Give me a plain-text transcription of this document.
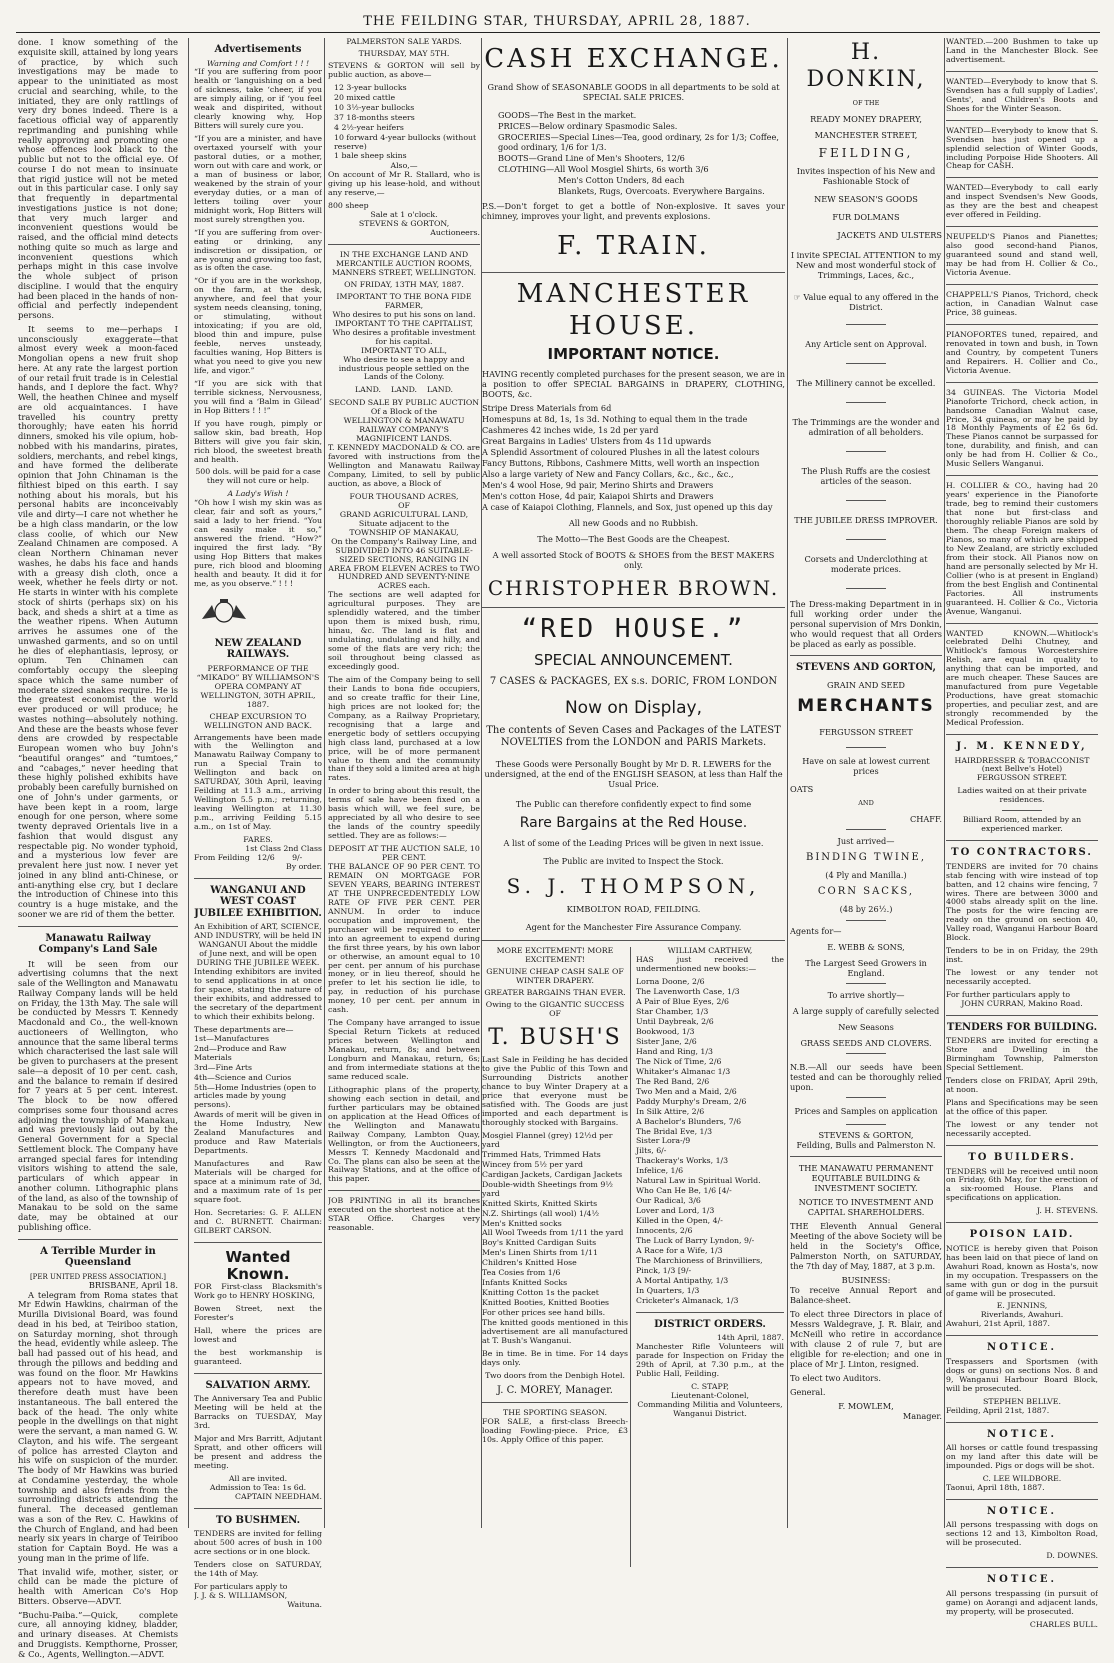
THE FEILDING STAR, THURSDAY, APRIL 28, 1887.

done. I know something of the exquisite skill, attained by long years of practice, by which such investigations may be made to appear to the uninitiated as most crucial and searching, while, to the initiated, they are only rattlings of very dry bones indeed. There is a facetious official way of apparently reprimanding and punishing while really approving and promoting one whose offences look black to the public but not to the official eye. Of course I do not mean to insinuate that rigid justice will not be meted out in this particular case. I only say that frequently in departmental investigations justice is not done; that very much larger and inconvenient questions would be raised, and the official mind detects nothing quite so much as large and inconvenient questions which perhaps might in this case involve the whole subject of prison discipline. I would that the enquiry had been placed in the hands of non-official and perfectly independent persons.

It seems to me—perhaps I unconsciously exaggerate—that almost every week a moon-faced Mongolian opens a new fruit shop here. At any rate the largest portion of our retail fruit trade is in Celestial hands, and I deplore the fact. Why? Well, the heathen Chinee and myself are old acquaintances. I have travelled his country pretty thoroughly; have eaten his horrid dinners, smoked his vile opium, hob-nobbed with his mandarins, pirates, soldiers, merchants, and rebel kings, and have formed the deliberate opinion that John Chinaman is the filthiest biped on this earth. I say nothing about his morals, but his personal habits are inconceivably vile and dirty—I care not whether he be a high class mandarin, or the low class coolie, of which our New Zealand Chinamen are composed. A clean Northern Chinaman never washes, he dabs his face and hands with a greasy dish cloth, once a week, whether he feels dirty or not. He starts in winter with his complete stock of shirts (perhaps six) on his back, and sheds a shirt at a time as the weather ripens. When Autumn arrives he assumes one of the unwashed garments, and so on until he dies of elephantiasis, leprosy, or opium. Ten Chinamen can comfortably occupy the sleeping space which the same number of moderate sized snakes require. He is the greatest economist the world ever produced or will produce; he wastes nothing—absolutely nothing. And these are the beasts whose fever dens are crowded by respectable European women who buy John's “beautiful oranges” and “tumtoes,” and “cabages,” never heeding that these highly polished exhibits have probably been carefully burnished on one of John's under garments, or have been kept in a room, large enough for one person, where some twenty depraved Orientals live in a fashion that would disgust any respectable pig. No wonder typhoid, and a mysterious low fever are prevalent here just now. I never yet joined in any blind anti-Chinese, or anti-anything else cry, but I declare the introduction of Chinese into this country is a huge mistake, and the sooner we are rid of them the better.

Manawatu Railway Company's Land Sale

It will be seen from our advertising columns that the next sale of the Wellington and Manawatu Railway Company lands will be held on Friday, the 13th May. The sale will be conducted by Messrs T. Kennedy Macdonald and Co., the well-known auctioneers of Wellington, who announce that the same liberal terms which characterised the last sale will be given to purchasers at the present sale—a deposit of 10 per cent. cash, and the balance to remain if desired for 7 years at 5 per cent. interest. The block to be now offered comprises some four thousand acres adjoining the township of Manakau, and was previously laid out by the General Government for a Special Settlement block. The Company have arranged special fares for intending visitors wishing to attend the sale, particulars of which appear in another column. Lithographic plans of the land, as also of the township of Manakau to be sold on the same date, may be obtained at our publishing office.

A Terrible Murder in Queensland
[PER UNITED PRESS ASSOCIATION.]
BRISBANE, April 18.

A telegram from Roma states that Mr Edwin Hawkins, chairman of the Murilla Divisional Board, was found dead in his bed, at Teiriboo station, on Saturday morning, shot through the head, evidently while asleep. The ball had passed out of his head, and through the pillows and bedding and was found on the floor. Mr Hawkins appears not to have moved, and therefore death must have been instantaneous. The ball entered the back of the head. The only white people in the dwellings on that night were the servant, a man named G. W. Clayton, and his wife. The sergeant of police has arrested Clayton and his wife on suspicion of the murder. The body of Mr Hawkins was buried at Condamine yesterday, the whole township and also friends from the surrounding districts attending the funeral. The deceased gentleman was a son of the Rev. C. Hawkins of the Church of England, and had been nearly six years in charge of Teiriboo station for Captain Boyd. He was a young man in the prime of life.

That invalid wife, mother, sister, or child can be made the picture of health with American Co's Hop Bitters. Observe—ADVT.

“Buchu-Paiba.”—Quick, complete cure, all annoying kidney, bladder, and urinary diseases. At Chemists and Druggists. Kempthorne, Prosser, & Co., Agents, Wellington.—ADVT.

Advertisements
Warning and Comfort ! ! !

“If you are suffering from poor health or ‘languishing on a bed of sickness, take ‘cheer, if you are simply ailing, or if ‘you feel weak and dispirited, without clearly knowing why, Hop Bitters will surely cure you.

“If you are a minister, and have overtaxed yourself with your pastoral duties, or a mother, worn out with care and work, or a man of business or labor, weakened by the strain of your everyday duties, or a man of letters toiling over your midnight work, Hop Bitters will most surely strengthen you.

“If you are suffering from over-eating or drinking, any indiscretion or dissipation, or are young and growing too fast, as is often the case.

“Or if you are in the workshop, on the farm, at the desk, anywhere, and feel that your system needs cleansing, toning, or stimulating, without intoxicating; if you are old, blood thin and impure, pulse feeble, nerves unsteady, faculties waning, Hop Bitters is what you need to give you new life, and vigor.”

“If you are sick with that terrible sickness, Nervousness, you will find a ‘Balm in Gilead’ in Hop Bitters ! ! !”

If you have rough, pimply or sallow skin, bad breath, Hop Bitters will give you fair skin, rich blood, the sweetest breath and health.

500 dols. will be paid for a case they will not cure or help.

A Lady's Wish !

“Oh how I wish my skin was as clear, fair and soft as yours,” said a lady to her friend. “You can easily make it so,” answered the friend. “How?” inquired the first lady. “By using Hop Bitters that makes pure, rich blood and blooming health and beauty. It did it for me, as you observe.” ! ! !

NEW ZEALAND RAILWAYS.
PERFORMANCE OF THE “MIKADO” BY WILLIAMSON'S OPERA COMPANY AT WELLINGTON, 30TH APRIL, 1887.
CHEAP EXCURSION TO WELLINGTON AND BACK.

Arrangements have been made with the Wellington and Manawatu Railway Company to run a Special Train to Wellington and back on SATURDAY, 30th April, leaving Feilding at 11.3 a.m., arriving Wellington 5.5 p.m.; returning, leaving Wellington at 11.30 p.m., arriving Feilding 5.15 a.m., on 1st of May.

FARES.
1st Class 2nd Class
From Feilding   12/6       9/-
By order.
WANGANUI AND WEST COAST JUBILEE EXHIBITION.
An Exhibition of ART, SCIENCE, AND INDUSTRY, will be held IN WANGANUI About the middle of June next, and will be open DURING THE JUBILEE WEEK.

Intending exhibitors are invited to send applications in at once for space, stating the nature of their exhibits, and addressed to the secretary of the department to which their exhibits belong.

These departments are—

1st—Manufactures

2nd—Produce and Raw Materials

3rd—Fine Arts

4th—Science and Curios

5th—Home Industries (open to articles made by young persons).

Awards of merit will be given in the Home Industry, New Zealand Manufactures and produce and Raw Materials Departments.

Manufactures and Raw Materials will be charged for space at a minimum rate of 3d, and a maximum rate of 1s per square foot.

Hon. Secretaries: G. F. ALLEN and C. BURNETT. Chairman: GILBERT CARSON.

Wanted Known.

FOR First-class Blacksmith's Work go to HENRY HOSKING,

Bowen Street, next the Forester's

Hall, where the prices are lowest and

the best workmanship is guaranteed.

SALVATION ARMY.

The Anniversary Tea and Public Meeting will be held at the Barracks on TUESDAY, May 3rd.

Major and Mrs Barritt, Adjutant Spratt, and other officers will be present and address the meeting.

All are invited.
Admission to Tea: 1s 6d.
CAPTAIN NEEDHAM.
TO BUSHMEN.

TENDERS are invited for felling about 500 acres of bush in 100 acre sections or in one block.

Tenders close on SATURDAY, the 14th of May.

For particulars apply to
J. J. & S. WILLIAMSON,
Waituna.
PALMERSTON SALE YARDS.
THURSDAY, MAY 5TH.

STEVENS & GORTON will sell by public auction, as above—

12 3-year bullocks

20 mixed cattle

10 3½-year bullocks

37 18-months steers

4 2½-year heifers

10 forward 4-year bullocks (without reserve)

1 bale sheep skins

Also,—

On account of Mr R. Stallard, who is giving up his lease-hold, and without any reserve,—

800 sheep
Sale at 1 o'clock.
STEVENS & GORTON,
Auctioneers.
IN THE EXCHANGE LAND AND MERCANTILE AUCTION ROOMS,
MANNERS STREET, WELLINGTON.
ON FRIDAY, 13TH MAY, 1887.
IMPORTANT TO THE BONA FIDE FARMER,
Who desires to put his sons on land.
IMPORTANT TO THE CAPITALIST,
Who desires a profitable investment for his capital.
IMPORTANT TO ALL,
Who desire to see a happy and industrious people settled on the Lands of the Colony.
LAND.    LAND.    LAND.
SECOND SALE BY PUBLIC AUCTION
Of a Block of the
WELLINGTON & MANAWATU RAILWAY COMPANY'S MAGNIFICENT LANDS.

T. KENNEDY MACDONALD & CO. are favored with instructions from the Wellington and Manawatu Railway Company, Limited, to sell by public auction, as above, a Block of

FOUR THOUSAND ACRES,
OF
GRAND AGRICULTURAL LAND,
Situate adjacent to the
TOWNSHIP OF MANAKAU,
On the Company's Railway Line, and
SUBDIVIDED INTO 46 SUITABLE-SIZED SECTIONS, RANGING IN AREA FROM ELEVEN ACRES to TWO HUNDRED AND SEVENTY-NINE ACRES each.

The sections are well adapted for agricultural purposes. They are splendidly watered, and the timber upon them is mixed bush, rimu, hinau, &c. The land is flat and undulating, undulating and hilly, and some of the flats are very rich; the soil throughout being classed as exceedingly good.

The aim of the Company being to sell their Lands to bona fide occupiers, and so create traffic for their Line, high prices are not looked for; the Company, as a Railway Proprietary, recognising that a large and energetic body of settlers occupying high class land, purchased at a low price, will be of more permanent value to them and the community than if they sold a limited area at high rates.

In order to bring about this result, the terms of sale have been fixed on a basis which will, we feel sure, be appreciated by all who desire to see the lands of the country speedily settled. They are as follows:—

DEPOSIT AT THE AUCTION SALE, 10 PER CENT.

THE BALANCE OF 90 PER CENT. TO REMAIN ON MORTGAGE FOR SEVEN YEARS, BEARING INTEREST AT THE UNPRECEDENTEDLY LOW RATE OF FIVE PER CENT. PER ANNUM. In order to induce occupation and improvement, the purchaser will be required to enter into an agreement to expend during the first three years, by his own labor or otherwise, an amount equal to 10 per cent. per annum of his purchase money, or in lieu thereof, should he prefer to let his section lie idle, to pay, in reduction of his purchase money, 10 per cent. per annum in cash.

The Company have arranged to issue Special Return Tickets at reduced prices between Wellington and Manakau, return, 8s; and between Longburn and Manakau, return, 6s; and from intermediate stations at the same reduced scale.

Lithographic plans of the property, showing each section in detail, and further particulars may be obtained on application at the Head Offices of the Wellington and Manawatu Railway Company, Lambton Quay, Wellington, or from the Auctioneers, Messrs T. Kennedy Macdonald and Co. The plans can also be seen at the Railway Stations, and at the office of this paper.

JOB PRINTING in all its branches executed on the shortest notice at the STAR Office. Charges very reasonable.

CASH EXCHANGE.
Grand Show of SEASONABLE GOODS in all departments to be sold at SPECIAL SALE PRICES.

GOODS—The Best in the market.

PRICES—Below ordinary Spasmodic Sales.

GROCERIES—Special Lines—Tea, good ordinary, 2s for 1/3; Coffee, good ordinary, 1/6 for 1/3.

BOOTS—Grand Line of Men's Shooters, 12/6

CLOTHING—All Wool Mosgiel Shirts, 6s worth 3/6

Men's Cotton Unders, 8d each

Blankets, Rugs, Overcoats. Everywhere Bargains.

P.S.—Don't forget to get a bottle of Non-explosive. It saves your chimney, improves your light, and prevents explosions.

F. TRAIN.
MANCHESTER HOUSE.
IMPORTANT NOTICE.

HAVING recently completed purchases for the present season, we are in a position to offer SPECIAL BARGAINS in DRAPERY, CLOTHING, BOOTS, &c.

Stripe Dress Materials from 6d

Homespuns at 8d, 1s, 1s 3d. Nothing to equal them in the trade

Cashmeres 42 inches wide, 1s 2d per yard

Great Bargains in Ladies' Ulsters from 4s 11d upwards

A Splendid Assortment of coloured Plushes in all the latest colours

Fancy Buttons, Ribbons, Cashmere Mitts, well worth an inspection

Also a large variety of New and Fancy Collars, &c., &c., &c.,

Men's 4 wool Hose, 9d pair, Merino Shirts and Drawers

Men's cotton Hose, 4d pair, Kaiapoi Shirts and Drawers

A case of Kaiapoi Clothing, Flannels, and Sox, just opened up this day

All new Goods and no Rubbish.
The Motto—The Best Goods are the Cheapest.
A well assorted Stock of BOOTS & SHOES from the BEST MAKERS only.
CHRISTOPHER BROWN.
“RED HOUSE.”
SPECIAL ANNOUNCEMENT.
7 CASES & PACKAGES, EX s.s. DORIC, FROM LONDON
Now on Display,
The contents of Seven Cases and Packages of the LATEST NOVELTIES from the LONDON and PARIS Markets.
These Goods were Personally Bought by Mr D. R. LEWERS for the undersigned, at the end of the ENGLISH SEASON, at less than Half the Usual Price.
The Public can therefore confidently expect to find some
Rare Bargains at the Red House.
A list of some of the Leading Prices will be given in next issue.
The Public are invited to Inspect the Stock.
S. J. THOMPSON,
KIMBOLTON ROAD, FEILDING.
Agent for the Manchester Fire Assurance Company.
MORE EXCITEMENT! MORE EXCITEMENT!
GENUINE CHEAP CASH SALE OF WINTER DRAPERY.
GREATER BARGAINS THAN EVER.
Owing to the GIGANTIC SUCCESS OF
T. BUSH'S

Last Sale in Feilding he has decided to give the Public of this Town and Surrounding Districts another chance to buy Winter Drapery at a price that everyone must be satisfied with. The Goods are just imported and each department is thoroughly stocked with Bargains.

Mosgiel Flannel (grey) 12½d per yard

Trimmed Hats, Trimmed Hats

Wincey from 5½ per yard

Cardigan Jackets, Cardigan Jackets

Double-width Sheetings from 9½ yard

Knitted Skirts, Knitted Skirts

N.Z. Shirtings (all wool) 1/4½

Men's Knitted socks

All Wool Tweeds from 1/11 the yard

Boy's Knitted Cardigan Suits

Men's Linen Shirts from 1/11

Children's Knitted Hose

Tea Cosies from 1/6

Infants Knitted Socks

Knitting Cotton 1s the packet

Knitted Booties, Knitted Booties

For other prices see hand bills.

The knitted goods mentioned in this advertisement are all manufactured at T. Bush's Wanganui.

Be in time. Be in time. For 14 days days only.

Two doors from the Denbigh Hotel.
J. C. MOREY, Manager.
THE SPORTING SEASON.

FOR SALE, a first-class Breech-loading Fowling-piece. Price, £3 10s. Apply Office of this paper.

WILLIAM CARTHEW,

HAS just received the undermentioned new books:—

Lorna Doone, 2/6

The Lavenworth Case, 1/3

A Pair of Blue Eyes, 2/6

Star Chamber, 1/3

Until Daybreak, 2/6

Bookwood, 1/3

Sister Jane, 2/6

Hand and Ring, 1/3

The Nick of Time, 2/6

Whitaker's Almanac 1/3

The Red Band, 2/6

Two Men and a Maid, 2/6

Paddy Murphy's Dream, 2/6

In Silk Attire, 2/6

A Bachelor's Blunders, 7/6

The Bridal Eve, 1/3

Sister Lora-/9

Jilts, 6/-

Thackeray's Works, 1/3

Infelice, 1/6

Natural Law in Spiritual World.

Who Can He Be, 1/6 [4/-

Our Radical, 3/6

Lover and Lord, 1/3

Killed in the Open, 4/-

Innocents, 2/6

The Luck of Barry Lyndon, 9/-

A Race for a Wife, 1/3

The Marchioness of Brinvilliers,

Pinck, 1/3 [9/-

A Mortal Antipathy, 1/3

In Quarters, 1/3

Cricketer's Almanack, 1/3

DISTRICT ORDERS.
14th April, 1887.

Manchester Rifle Volunteers will parade for Inspection on Friday the 29th of April, at 7.30 p.m., at the Public Hall, Feilding.

C. STAPP,
Lieutenant-Colonel,
Commanding Militia and Volunteers, Wanganui District.
H. DONKIN,
OF THE
READY MONEY DRAPERY,
MANCHESTER STREET,
FEILDING,
Invites inspection of his New and Fashionable Stock of
NEW SEASON'S GOODS
FUR DOLMANS
JACKETS AND ULSTERS
I invite SPECIAL ATTENTION to my New and most wonderful stock of Trimmings, Laces, &c.,
☞ Value equal to any offered in the District.
Any Article sent on Approval.
The Millinery cannot be excelled.
The Trimmings are the wonder and admiration of all beholders.
The Plush Ruffs are the cosiest articles of the season.
THE JUBILEE DRESS IMPROVER.
Corsets and Underclothing at moderate prices.

The Dress-making Department in in full working order under the personal supervision of Mrs Donkin, who would request that all Orders be placed as early as possible.

STEVENS AND GORTON,
GRAIN AND SEED
MERCHANTS
FERGUSSON STREET
Have on sale at lowest current prices
OATS
AND
CHAFF.
Just arrived—
BINDING TWINE,
(4 Ply and Manilla.)
CORN SACKS,
(48 by 26½.)
Agents for—
E. WEBB & SONS,
The Largest Seed Growers in England.
To arrive shortly—
A large supply of carefully selected
New Seasons
GRASS SEEDS AND CLOVERS.

N.B.—All our seeds have been tested and can be thoroughly relied upon.

Prices and Samples on application
STEVENS & GORTON,
Feilding, Bulls and Palmerston N.
THE MANAWATU PERMANENT EQUITABLE BUILDING & INVESTMENT SOCIETY.
NOTICE TO INVESTMENT AND CAPITAL SHAREHOLDERS.

THE Eleventh Annual General Meeting of the above Society will be held in the Society's Office, Palmerston North, on SATURDAY, the 7th day of May, 1887, at 3 p.m.

BUSINESS:

To receive Annual Report and Balance-sheet.

To elect three Directors in place of Messrs Waldegrave, J. R. Blair, and McNeill who retire in accordance with clause 2 of rule 7, but are eligible for re-election; and one in place of Mr J. Linton, resigned.

To elect two Auditors.

General.

F. MOWLEM,
Manager.

WANTED.—200 Bushmen to take up Land in the Manchester Block. See advertisement.

WANTED—Everybody to know that S. Svendsen has a full supply of Ladies', Gents', and Children's Boots and Shoes for the Winter Season.

WANTED—Everybody to know that S. Svendsen has just opened up a splendid selection of Winter Goods, including Porpoise Hide Shooters. All Cheap for CASH.

WANTED—Everybody to call early and inspect Svendsen's New Goods, as they are the best and cheapest ever offered in Feilding.

NEUFELD'S Pianos and Pianettes; also good second-hand Pianos, guaranteed sound and stand well, may be had from H. Collier & Co., Victoria Avenue.

CHAPPELL'S Pianos, Trichord, check action, in Canadian Walnut case Price, 38 guineas.

PIANOFORTES tuned, repaired, and renovated in town and bush, in Town and Country, by competent Tuners and Repairers. H. Collier and Co., Victoria Avenue.

34 GUINEAS. The Victoria Model Pianoforte Trichord, check action, in handsome Canadian Walnut case, Price, 34 guineas, or may be paid by 18 Monthly Payments of £2 6s 6d. These Pianos cannot be surpassed for tone, durability, and finish, and can only be had from H. Collier & Co., Music Sellers Wanganui.

H. COLLIER & CO., having had 20 years' experience in the Pianoforte trade, beg to remind their customers that none but first-class and thoroughly reliable Pianos are sold by them. The cheap Foreign makers of Pianos, so many of which are shipped to New Zealand, are strictly excluded from their stock. All Pianos now on hand are personally selected by Mr H. Collier (who is at present in England) from the best English and Continental Factories. All instruments guaranteed. H. Collier & Co., Victoria Avenue, Wanganui.

WANTED KNOWN.—Whitlock's celebrated Delhi Chutney, and Whitlock's famous Worcestershire Relish, are equal in quality to anything that can be imported, and are much cheaper. These Sauces are manufactured from pure Vegetable Productions, have great stomachic properties, and peculiar zest, and are strongly recommended by the Medical Profession.

J. M. KENNEDY,
HAIRDRESSER & TOBACCONIST
(next Bellve's Hotel)
FERGUSSON STREET.
Ladies waited on at their private residences.
Billiard Room, attended by an experienced marker.
TO CONTRACTORS.

TENDERS are invited for 70 chains stab fencing with wire instead of top batten, and 12 chains wire fencing, 7 wires. There are between 3000 and 4000 stabs already split on the line. The posts for the wire fencing are ready on the ground on section 40, Valley road, Wanganui Harbour Board Block.

Tenders to be in on Friday, the 29th inst.

The lowest or any tender not necessarily accepted.

For further particulars apply to
JOHN CURRAN, Makino Road.
TENDERS FOR BUILDING.

TENDERS are invited for erecting a Store and Dwelling in the Birmingham Township, Palmerston Special Settlement.

Tenders close on FRIDAY, April 29th, at noon.

Plans and Specifications may be seen at the office of this paper.

The lowest or any tender not necessarily accepted.

TO BUILDERS.

TENDERS will be received until noon on Friday, 6th May, for the erection of a six-roomed House. Plans and specifications on application.

J. H. STEVENS.
POISON LAID.

NOTICE is hereby given that Poison has been laid on that piece of land on Awahuri Road, known as Hosta's, now in my occupation. Trespassers on the same with gun or dog in the pursuit of game will be prosecuted.

E. JENNINS,
Riverlands, Awahuri.
Awahuri, 21st April, 1887.
NOTICE.

Trespassers and Sportsmen (with dogs or guns) on sections Nos. 8 and 9, Wanganui Harbour Board Block, will be prosecuted.

STEPHEN BELLVE.
Feilding, April 21st, 1887.
NOTICE.

All horses or cattle found trespassing on my land after this date will be impounded. Pigs or dogs will be shot.

C. LEE WILDBORE.
Taonui, April 18th, 1887.
NOTICE.

All persons trespassing with dogs on sections 12 and 13, Kimbolton Road, will be prosecuted.

D. DOWNES.
NOTICE.

All persons trespassing (in pursuit of game) on Aorangi and adjacent lands, my property, will be prosecuted.

CHARLES BULL.
